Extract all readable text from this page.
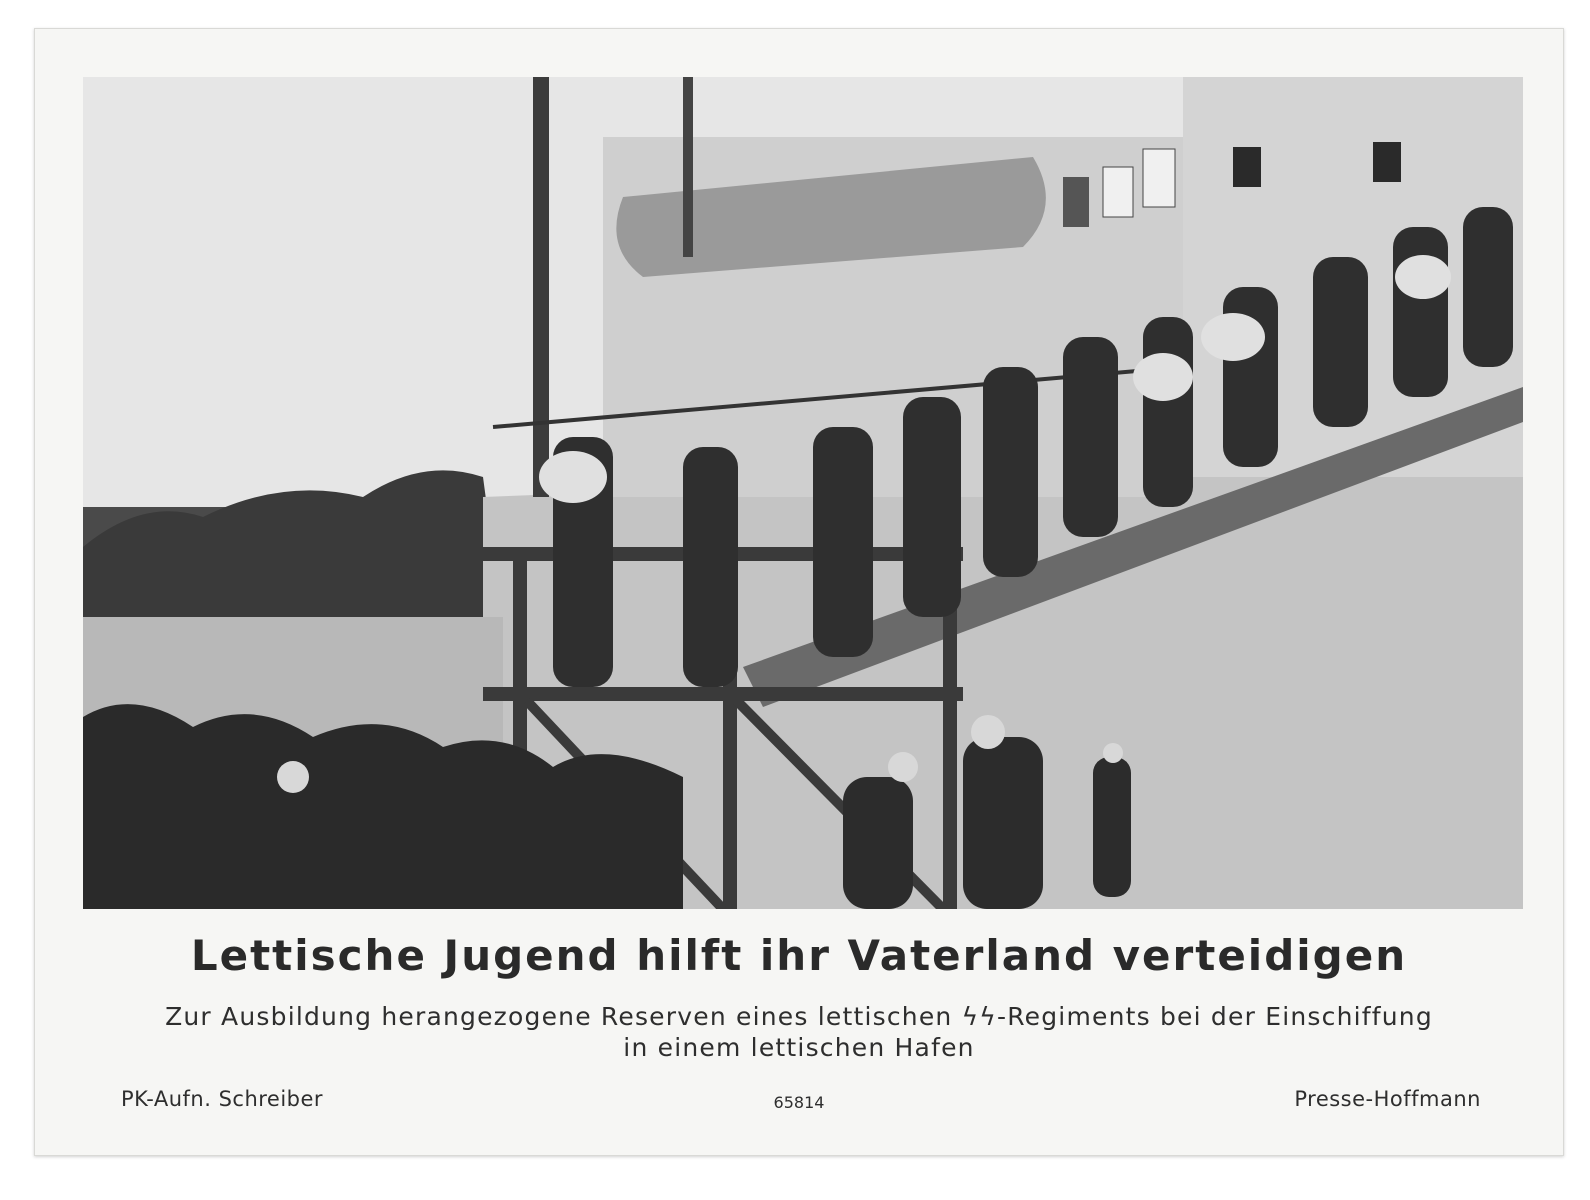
Lettische Jugend hilft ihr Vaterland verteidigen
Zur Ausbildung herangezogene Reserven eines lettischen ϟϟ-Regiments bei der Einschiffung
in einem lettischen Hafen
PK-Aufn. Schreiber	65814	Presse-Hoffmann
